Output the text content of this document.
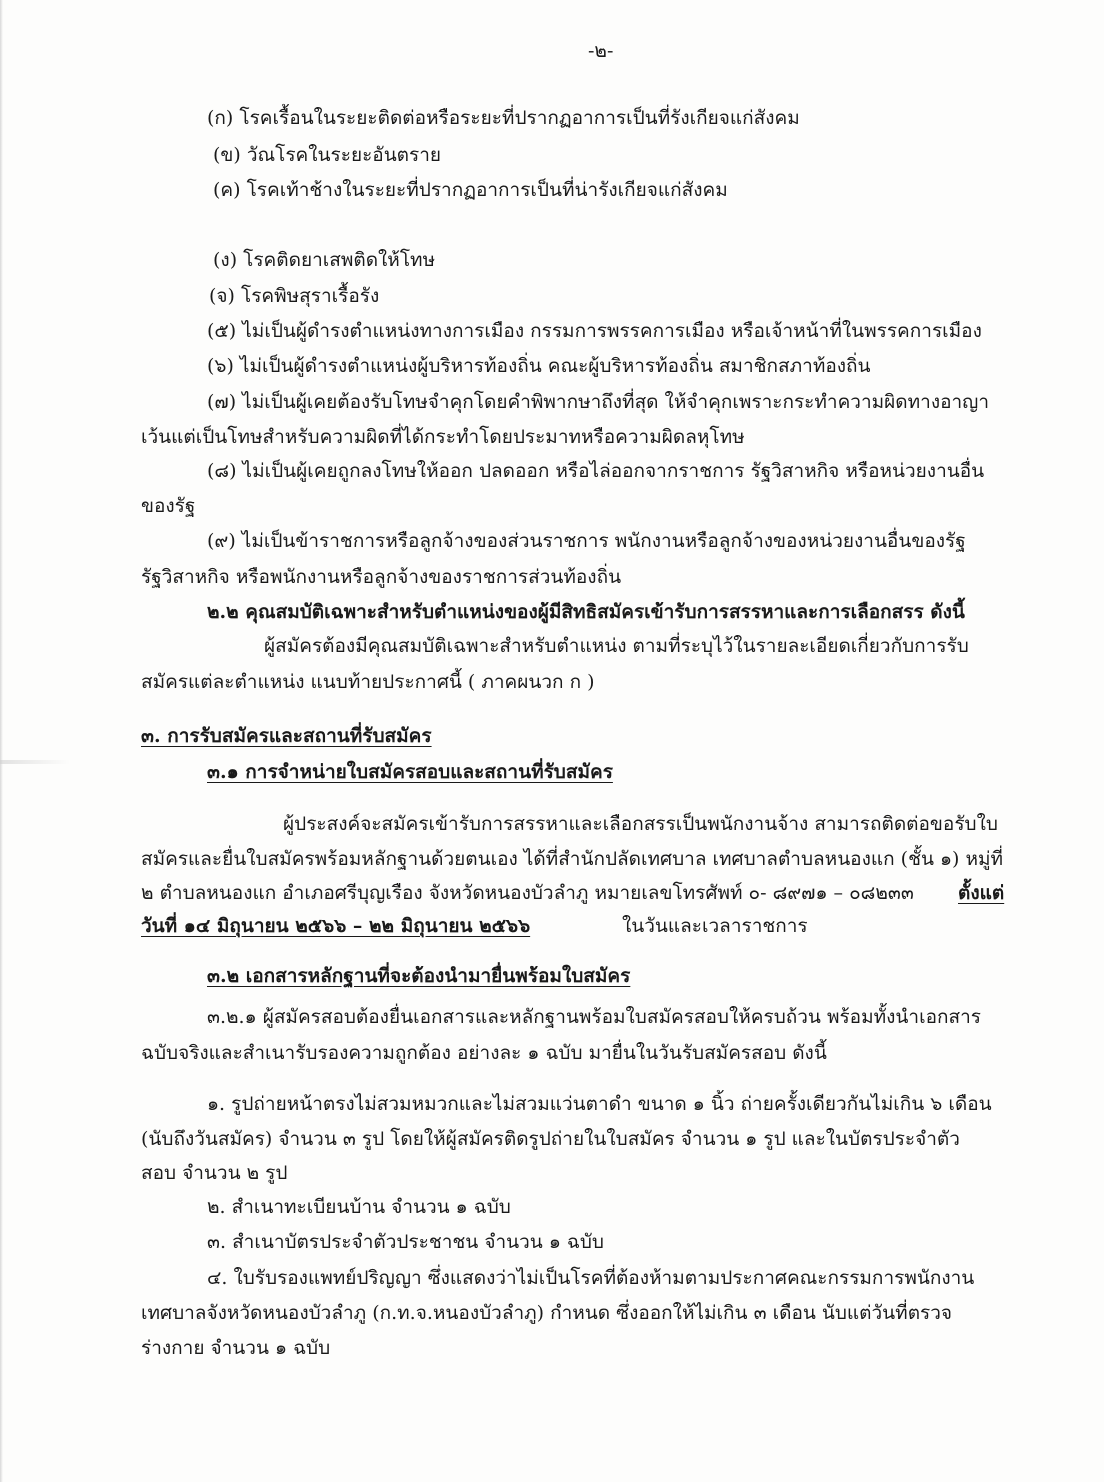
-๒-
(ก) โรคเรื้อนในระยะติดต่อหรือระยะที่ปรากฏอาการเป็นที่รังเกียจแก่สังคม
(ข) วัณโรคในระยะอันตราย
(ค) โรคเท้าช้างในระยะที่ปรากฏอาการเป็นที่น่ารังเกียจแก่สังคม
(ง) โรคติดยาเสพติดให้โทษ
(จ) โรคพิษสุราเรื้อรัง
(๕) ไม่เป็นผู้ดำรงตำแหน่งทางการเมือง กรรมการพรรคการเมือง หรือเจ้าหน้าที่ในพรรคการเมือง
(๖) ไม่เป็นผู้ดำรงตำแหน่งผู้บริหารท้องถิ่น คณะผู้บริหารท้องถิ่น สมาชิกสภาท้องถิ่น
(๗) ไม่เป็นผู้เคยต้องรับโทษจำคุกโดยคำพิพากษาถึงที่สุด ให้จำคุกเพราะกระทำความผิดทางอาญา
เว้นแต่เป็นโทษสำหรับความผิดที่ได้กระทำโดยประมาทหรือความผิดลหุโทษ
(๘) ไม่เป็นผู้เคยถูกลงโทษให้ออก ปลดออก หรือไล่ออกจากราชการ รัฐวิสาหกิจ หรือหน่วยงานอื่น
ของรัฐ
(๙) ไม่เป็นข้าราชการหรือลูกจ้างของส่วนราชการ พนักงานหรือลูกจ้างของหน่วยงานอื่นของรัฐ
รัฐวิสาหกิจ หรือพนักงานหรือลูกจ้างของราชการส่วนท้องถิ่น
๒.๒ คุณสมบัติเฉพาะสำหรับตำแหน่งของผู้มีสิทธิสมัครเข้ารับการสรรหาและการเลือกสรร ดังนี้
ผู้สมัครต้องมีคุณสมบัติเฉพาะสำหรับตำแหน่ง ตามที่ระบุไว้ในรายละเอียดเกี่ยวกับการรับ
สมัครแต่ละตำแหน่ง แนบท้ายประกาศนี้ ( ภาคผนวก ก )
๓. การรับสมัครและสถานที่รับสมัคร
๓.๑ การจำหน่ายใบสมัครสอบและสถานที่รับสมัคร
ผู้ประสงค์จะสมัครเข้ารับการสรรหาและเลือกสรรเป็นพนักงานจ้าง สามารถติดต่อขอรับใบ
สมัครและยื่นใบสมัครพร้อมหลักฐานด้วยตนเอง ได้ที่สำนักปลัดเทศบาล เทศบาลตำบลหนองแก (ชั้น ๑) หมู่ที่
๒ ตำบลหนองแก อำเภอศรีบุญเรือง จังหวัดหนองบัวลำภู หมายเลขโทรศัพท์ ๐- ๘๙๗๑ – ๐๘๒๓๓ ตั้งแต่
วันที่ ๑๔ มิถุนายน ๒๕๖๖ – ๒๒ มิถุนายน ๒๕๖๖	ในวันและเวลาราชการ
๓.๒ เอกสารหลักฐานที่จะต้องนำมายื่นพร้อมใบสมัคร
๓.๒.๑ ผู้สมัครสอบต้องยื่นเอกสารและหลักฐานพร้อมใบสมัครสอบให้ครบถ้วน พร้อมทั้งนำเอกสาร
ฉบับจริงและสำเนารับรองความถูกต้อง อย่างละ ๑ ฉบับ มายื่นในวันรับสมัครสอบ ดังนี้
๑. รูปถ่ายหน้าตรงไม่สวมหมวกและไม่สวมแว่นตาดำ ขนาด ๑ นิ้ว ถ่ายครั้งเดียวกันไม่เกิน ๖ เดือน
(นับถึงวันสมัคร) จำนวน ๓ รูป โดยให้ผู้สมัครติดรูปถ่ายในใบสมัคร จำนวน ๑ รูป และในบัตรประจำตัว
สอบ จำนวน ๒ รูป
๒. สำเนาทะเบียนบ้าน จำนวน ๑ ฉบับ
๓. สำเนาบัตรประจำตัวประชาชน จำนวน ๑ ฉบับ
๔. ใบรับรองแพทย์ปริญญา ซึ่งแสดงว่าไม่เป็นโรคที่ต้องห้ามตามประกาศคณะกรรมการพนักงาน
เทศบาลจังหวัดหนองบัวลำภู (ก.ท.จ.หนองบัวลำภู) กำหนด ซึ่งออกให้ไม่เกิน ๓ เดือน นับแต่วันที่ตรวจ
ร่างกาย จำนวน ๑ ฉบับ
